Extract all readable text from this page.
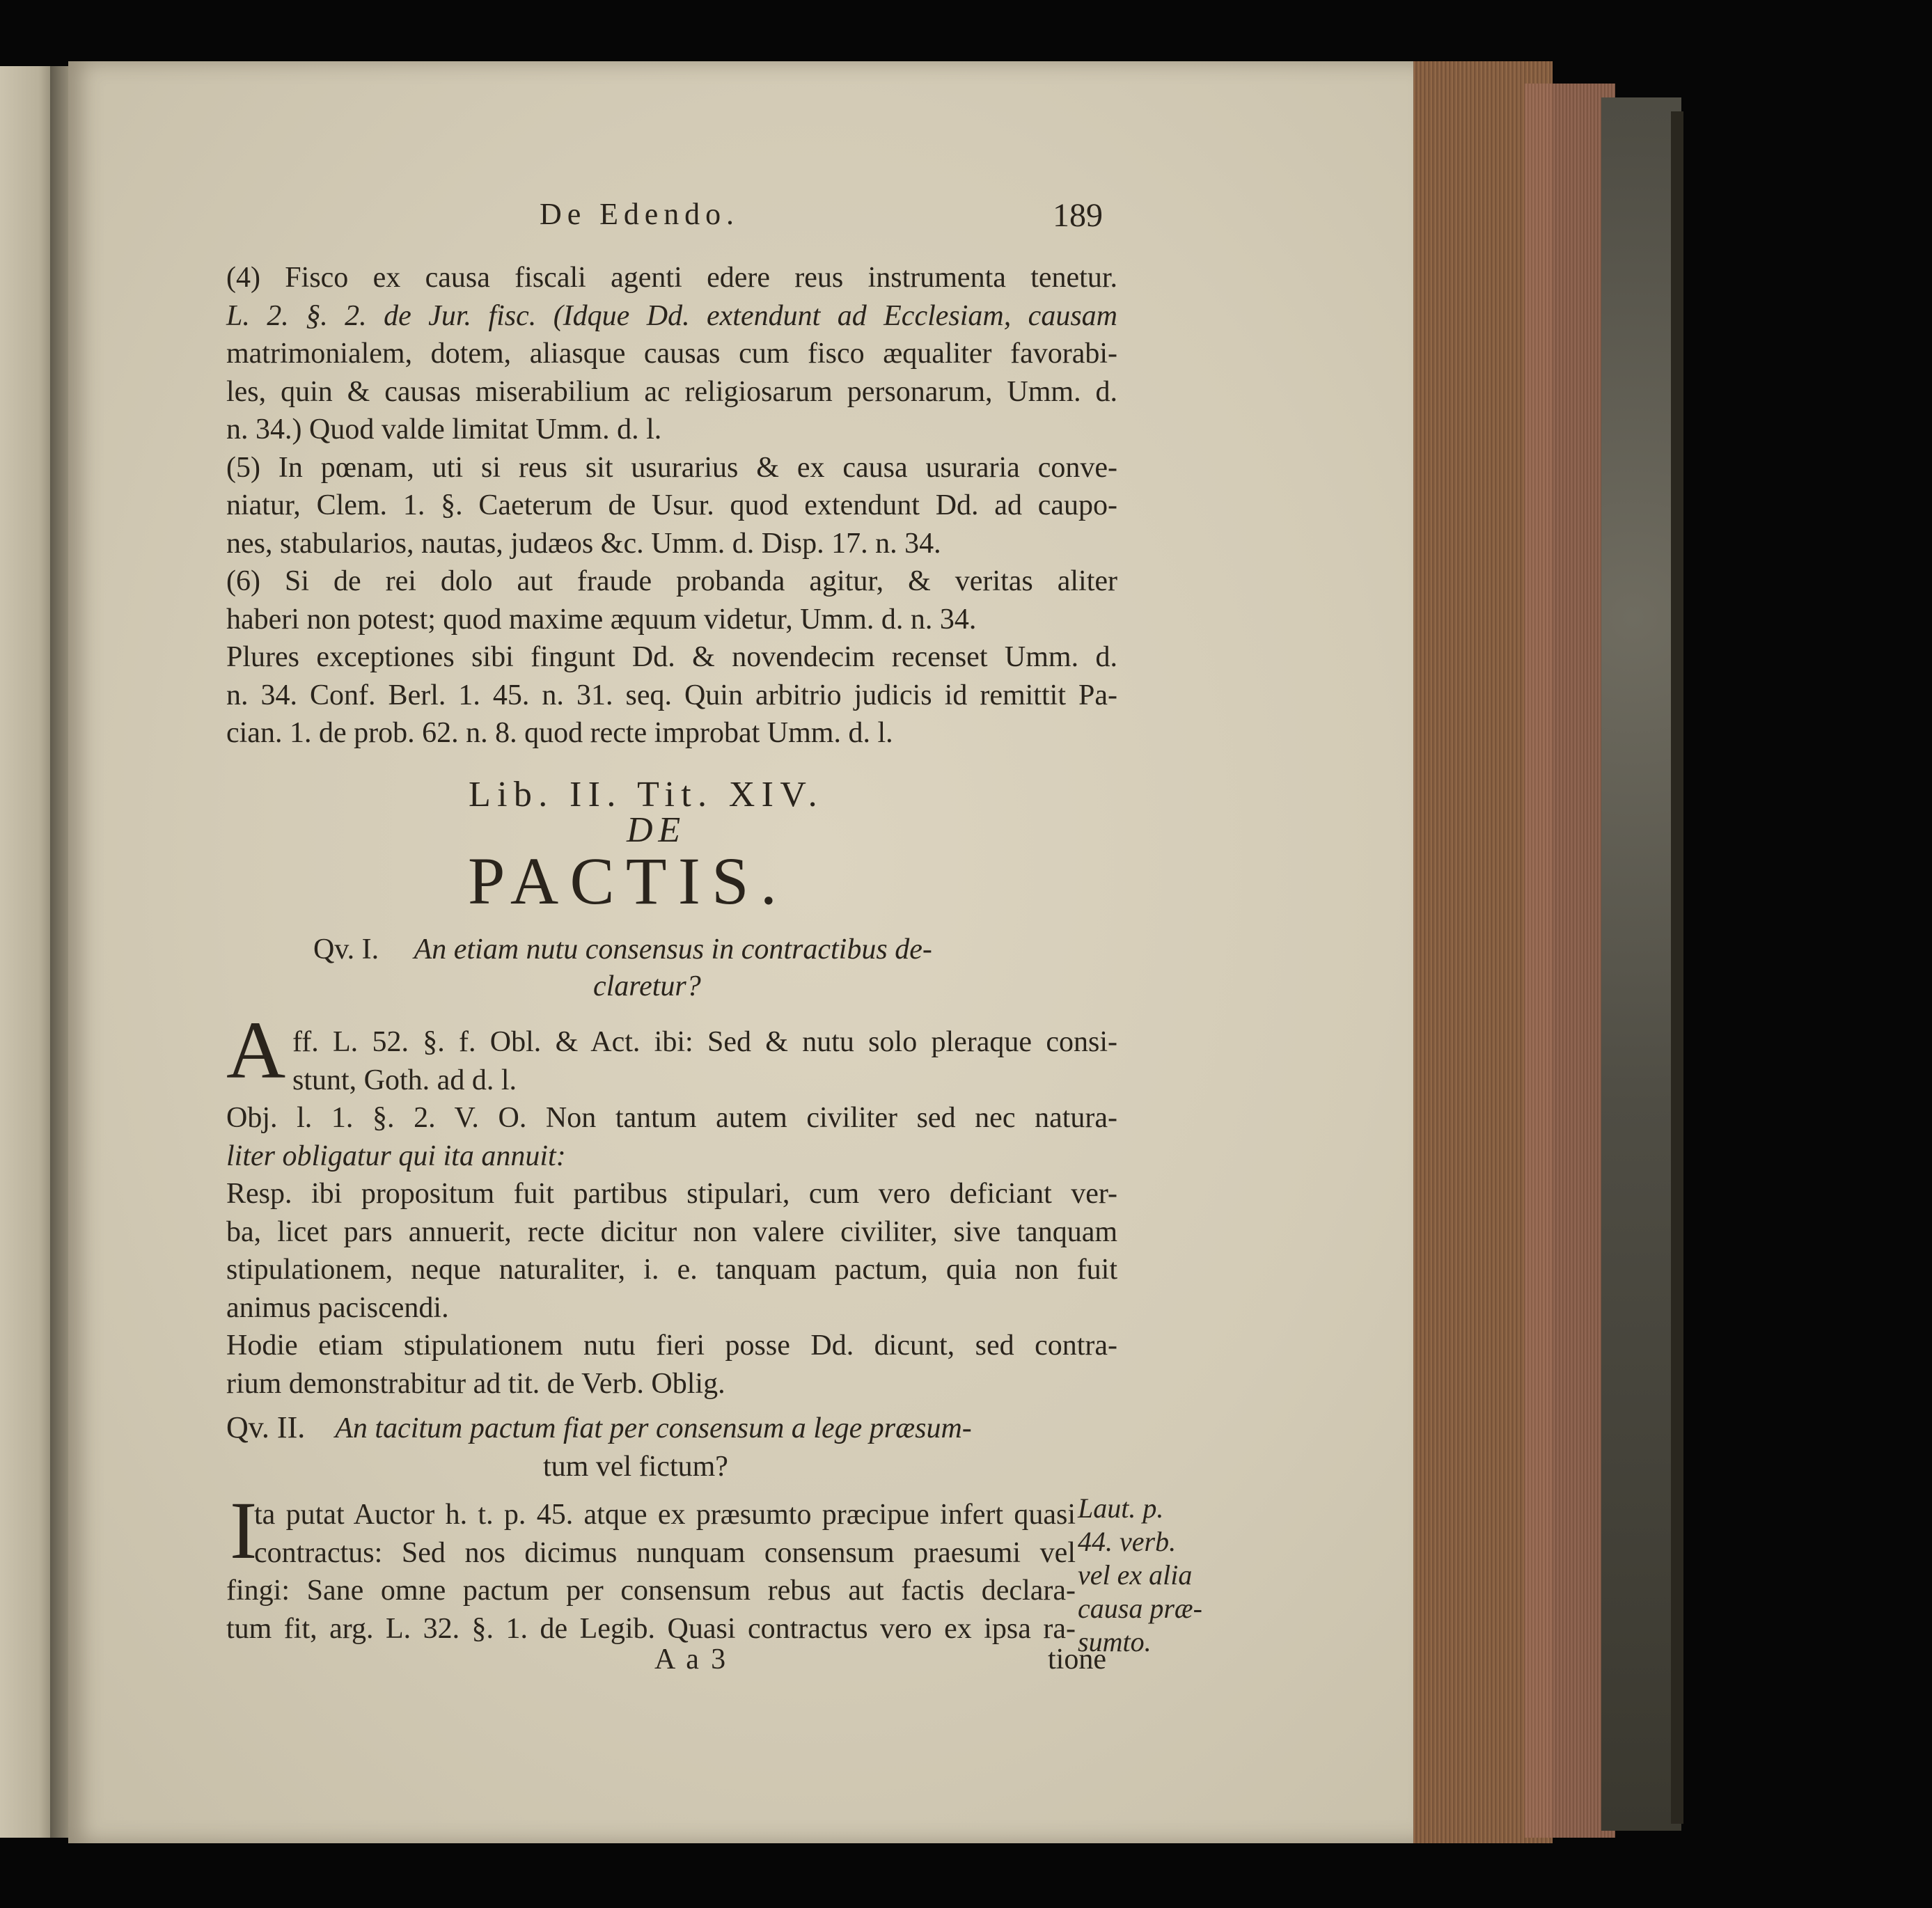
De Edendo.	189
(4) Fisco ex causa fiscali agenti edere reus instrumenta tenetur.
L. 2. §. 2. de Jur. fisc. (Idque Dd. extendunt ad Ecclesiam, causam
matrimonialem, dotem, aliasque causas cum fisco æqualiter favorabi-
les, quin & causas miserabilium ac religiosarum personarum, Umm. d.
n. 34.) Quod valde limitat Umm. d. l.
(5) In pœnam, uti si reus sit usurarius & ex causa usuraria conve-
niatur, Clem. 1. §. Caeterum de Usur. quod extendunt Dd. ad caupo-
nes, stabularios, nautas, judæos &c. Umm. d. Disp. 17. n. 34.
(6) Si de rei dolo aut fraude probanda agitur, & veritas aliter
haberi non potest; quod maxime æquum videtur, Umm. d. n. 34.
Plures exceptiones sibi fingunt Dd. & novendecim recenset Umm. d.
n. 34. Conf. Berl. 1. 45. n. 31. seq. Quin arbitrio judicis id remittit Pa-
cian. 1. de prob. 62. n. 8. quod recte improbat Umm. d. l.
Lib. II. Tit. XIV.
DE
PACTIS.
Qv. I. An etiam nutu consensus in contractibus de-
claretur?
A ff. L. 52. §. f. Obl. & Act. ibi: Sed & nutu solo pleraque consi-
stunt, Goth. ad d. l.
Obj. l. 1. §. 2. V. O. Non tantum autem civiliter sed nec natura-
liter obligatur qui ita annuit:
Resp. ibi propositum fuit partibus stipulari, cum vero deficiant ver-
ba, licet pars annuerit, recte dicitur non valere civiliter, sive tanquam
stipulationem, neque naturaliter, i. e. tanquam pactum, quia non fuit
animus paciscendi.
Hodie etiam stipulationem nutu fieri posse Dd. dicunt, sed contra-
rium demonstrabitur ad tit. de Verb. Oblig.
Qv. II. An tacitum pactum fiat per consensum a lege præsum-
tum vel fictum?
I
ta putat Auctor h. t. p. 45. atque ex præsumto præcipue infert quasi
contractus: Sed nos dicimus nunquam consensum praesumi vel
fingi: Sane omne pactum per consensum rebus aut factis declara-
tum fit, arg. L. 32. §. 1. de Legib. Quasi contractus vero ex ipsa ra-
Laut. p.
44. verb.
vel ex alia
causa præ-
sumto.
A a 3	tione
